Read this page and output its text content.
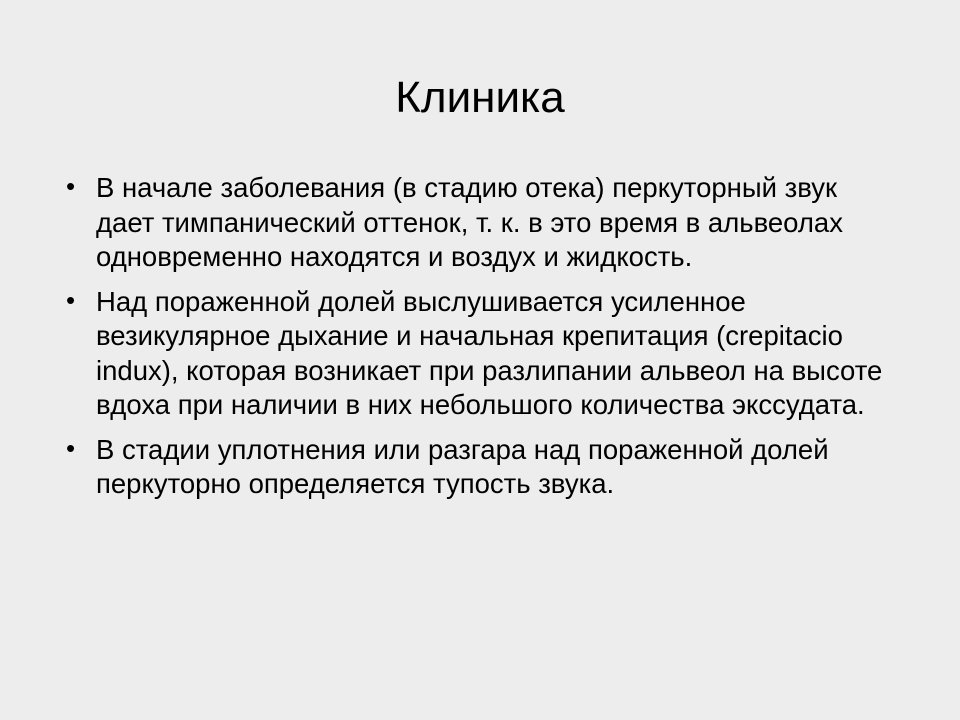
Клиника
• В начале заболевания (в стадию отека) перкуторный звук дает тимпанический оттенок, т. к. в это время в альвеолах одновременно находятся и воздух и жидкость.
• Над пораженной долей выслушивается усиленное везикулярное дыхание и начальная крепитация (crepitacio indux), которая возникает при разлипании альвеол на высоте вдоха при наличии в них небольшого количества экссудата.
• В стадии уплотнения или разгара над пораженной долей перкуторно определяется тупость звука.
